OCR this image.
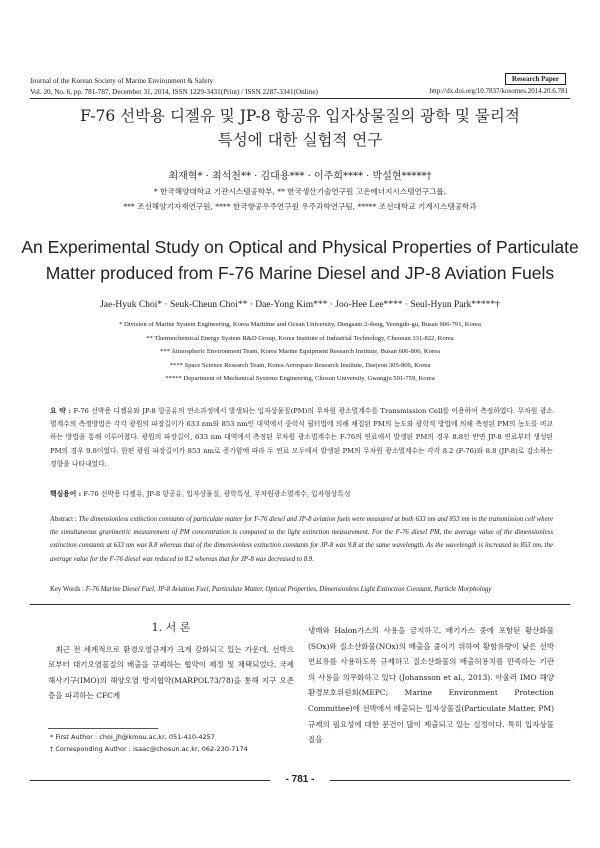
Journal of the Korean Society of Marine Environment & Safety
Vol. 20, No. 6, pp. 781-787, December 31, 2014, ISSN 1229-3431(Print) / ISSN 2287-3341(Online)
Research Paper
http://dx.doi.org/10.7837/kosomes.2014.20.6.781
F-76 선박용 디젤유 및 JP-8 항공유 입자상물질의 광학 및 물리적
특성에 대한 실험적 연구
최재혁* · 최석천** · 김대용*** · 이주희**** · 박설현*****†
* 한국해양대학교 기관시스템공학부, ** 한국생산기술연구원 고온에너지시스템연구그룹,
*** 조선해양기자재연구원, **** 한국항공우주연구원 우주과학연구팀, ***** 조선대학교 기계시스템공학과
An Experimental Study on Optical and Physical Properties of Particulate
Matter produced from F-76 Marine Diesel and JP-8 Aviation Fuels
Jae-Hyuk Choi* · Seuk-Cheun Choi** · Dae-Yong Kim*** · Joo-Hee Lee**** · Seul-Hyun Park*****†
* Division of Marine System Engineering, Korea Maritime and Ocean University, Dongsam 2-dong, Yeongdo-gu, Busan 606-791, Korea
** Thermochemical Energy System R&D Group, Korea Institute of Industrial Technology, Cheonan 331-822, Korea
*** Atmospheric Environment Team, Korea Marine Equipment Research Institute, Busan 606-806, Korea
**** Space Science Research Team, Korea Aerospace Research Institute, Daejeon 305-806, Korea
***** Department of Mechanical Systems Engineering, Chosun University, Gwangju 501-759, Korea
요 약 : F-76 선박용 디젤유와 JP-8 항공유의 연소과정에서 발생되는 입자상물질(PM)의 무차원 광소멸계수를 Transmission Cell를 이용하여 측정하였다. 무차원 광소멸계수의 측정방법은 각각 광원의 파장길이가 633 nm와 853 nm인 대역에서 중력식 필터법에 의해 채집된 PM의 농도와 광학적 방법에 의해 측정된 PM의 농도를 비교하는 방법을 통해 이루어졌다. 광원의 파장길이, 633 nm 대역에서 측정된 무차원 광소멸계수는 F-76의 연료에서 발생된 PM의 경우 8.8인 반면 JP-8 연료부터 생성된 PM의 경우 9.8이었다. 한편 광원 파장길이가 853 nm로 증가함에 따라 두 연료 모두에서 발생된 PM의 무차원 광소멸계수는 각각 8.2 (F-76)와 8.8 (JP-8)로 감소하는 경향을 나타내었다.
핵심용어 : F-76 선박용 디젤유, JP-8 항공유, 입자상물질, 광학특성, 무차원광소멸계수, 입자형상특성
Abstract : The dimensionless extinction constants of particulate matter for F-76 diesel and JP-8 aviation fuels were measured at both 633 nm and 853 nm in the transmission cell where the simultaneous gravimetric measurement of PM concentration is compared to the light extinction measurement. For the F-76 diesel PM, the average value of the dimensionless extinction constants at 633 nm was 8.8 whereas that of the dimensionless extinction constants for JP-8 was 9.8 at the same wavelength. As the wavelength is increased to 853 nm, the average value for the F-76 diesel was reduced to 8.2 whereas that for JP-8 was decreased to 8.9.
Key Words : F-76 Marine Diesel Fuel, JP-8 Aviation Fuel, Particulate Matter, Optical Properties, Dimensionless Light Extinction Constant, Particle Morphology
1. 서 론
최근 전 세계적으로 환경오염규제가 크게 강화되고 있는 가운데, 선박으로부터 대기오염물질의 배출을 규제하는 협약이 제정 및 채택되었다. 국제해사기구(IMO)의 해양오염 방지협약(MARPOL73/78)을 통해 지구 오존층을 파괴하는 CFC계
냉매와 Halon가스의 사용을 금지하고, 배기가스 중에 포함된 황산화물(SOx)와 질소산화물(NOx)의 배출을 줄이기 위하여 황함유량이 낮은 선박연료유를 사용하도록 규제하고 질소산화물의 배출허용치를 만족하는 기관의 사용을 의무화하고 있다 (Johansson et al., 2013). 아울러 IMO 해양환경보호위원회(MEPC; Marine Environment Protection Committee)에 선박에서 배출되는 입자상물질(Particulate Matter, PM) 규제의 필요성에 대한 문건이 많이 제출되고 있는 실정이다. 특히 입자상물질을
* First Author : choi_jh@kmou.ac.kr, 051-410-4257
† Corresponding Author : isaac@chosun.ac.kr, 062-230-7174
- 781 -
